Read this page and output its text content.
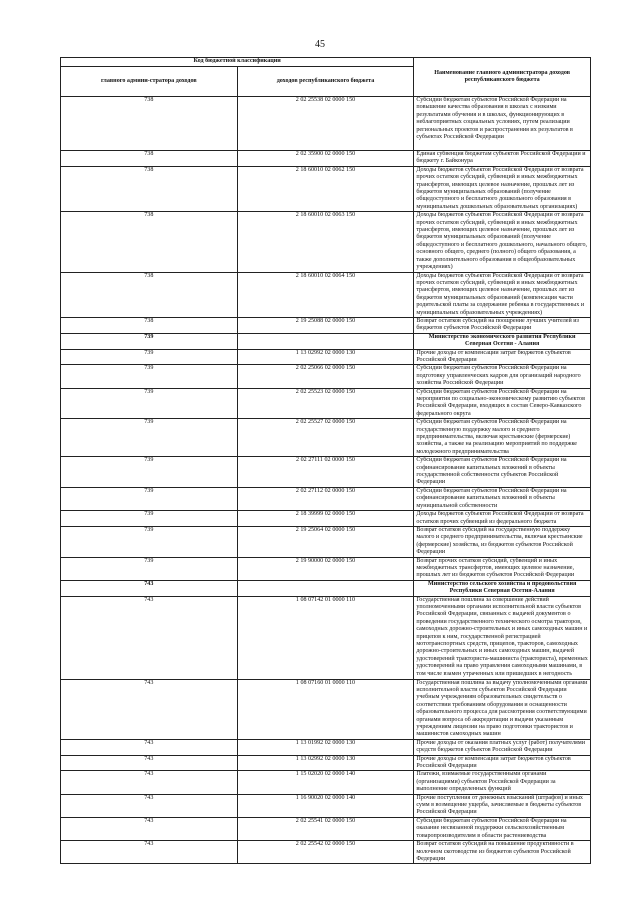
45
Код бюджетной классификации		Наименование главного администратора доходов республиканского бюджета
главного админи-стратора доходов	доходов республиканского бюджета	
738	2 02 25538 02 0000 150	Субсидии бюджетам субъектов Российской Федерации на повышение качества образования в школах с низкими результатами обучения и в школах, функционирующих в неблагоприятных социальных условиях, путем реализации региональных проектов и распространения их результатов в субъектах Российской Федерации
738	2 02 35900 02 0000 150	Единая субвенция бюджетам субъектов Российской Федерации и бюджету г. Байконура
738	2 18 60010 02 0062 150	Доходы бюджетов субъектов Российской Федерации от возврата прочих остатков субсидий, субвенций и иных межбюджетных трансфертов, имеющих целевое назначение, прошлых лет из бюджетов муниципальных образований (получение общедоступного и бесплатного дошкольного образования в муниципальных дошкольных образовательных организациях)
738	2 18 60010 02 0063 150	Доходы бюджетов субъектов Российской Федерации от возврата прочих остатков субсидий, субвенций и иных межбюджетных трансфертов, имеющих целевое назначение, прошлых лет из бюджетов муниципальных образований (получение общедоступного и бесплатного дошкольного, начального общего, основного общего, среднего (полного) общего образования, а также дополнительного образования в общеобразовательных учреждениях)
738	2 18 60010 02 0064 150	Доходы бюджетов субъектов Российской Федерации от возврата прочих остатков субсидий, субвенций и иных межбюджетных трансфертов, имеющих целевое назначение, прошлых лет из бюджетов муниципальных образований (компенсация части родительской платы за содержание ребенка в государственных и муниципальных образовательных учреждениях)
738	2 19 25088 02 0000 150	Возврат остатков субсидий на поощрение лучших учителей из бюджетов субъектов Российской Федерации
739		Министерство экономического развития Республики Северная Осетия - Алания
739	1 13 02992 02 0000 130	Прочие доходы от компенсации затрат бюджетов субъектов Российской Федерации
739	2 02 25066 02 0000 150	Субсидии бюджетам субъектов Российской Федерации на подготовку управленческих кадров для организаций народного хозяйства Российской Федерации
739	2 02 25523 02 0000 150	Субсидии бюджетам субъектов Российской Федерации на мероприятия по социально-экономическому развитию субъектов Российской Федерации, входящих в состав Северо-Кавказского федерального округа
739	2 02 25527 02 0000 150	Субсидии бюджетам субъектов Российской Федерации на государственную поддержку малого и среднего предпринимательства, включая крестьянские (фермерские) хозяйства, а также на реализацию мероприятий по поддержке молодежного предпринимательства
739	2 02 27111 02 0000 150	Субсидии бюджетам субъектов Российской Федерации на софинансирование капитальных вложений в объекты государственной собственности субъектов Российской Федерации
739	2 02 27112 02 0000 150	Субсидии бюджетам субъектов Российской Федерации на софинансирование капитальных вложений в объекты муниципальной собственности
739	2 18 39999 02 0000 150	Доходы бюджетов субъектов Российской Федерации от возврата остатков прочих субвенций из федерального бюджета
739	2 19 25064 02 0000 150	Возврат остатков субсидий на государственную поддержку малого и среднего предпринимательства, включая крестьянские (фермерские) хозяйства, из бюджетов субъектов Российской Федерации
739	2 19 90000 02 0000 150	Возврат прочих остатков субсидий, субвенций и иных межбюджетных трансфертов, имеющих целевое назначение, прошлых лет из бюджетов субъектов Российской Федерации
743		Министерство сельского хозяйства и продовольствия Республики Северная Осетия-Алания
743	1 08 07142 01 0000 110	Государственная пошлина за совершение действий уполномоченными органами исполнительной власти субъектов Российской Федерации, связанных с выдачей документов о проведении государственного технического осмотра тракторов, самоходных дорожно-строительных и иных самоходных машин и прицепов к ним, государственной регистрацией мототранспортных средств, прицепов, тракторов, самоходных дорожно-строительных и иных самоходных машин, выдачей удостоверений тракториста-машиниста (тракториста), временных удостоверений на право управления самоходными машинами, в том числе взамен утраченных или пришедших в негодность
743	1 08 07160 01 0000 110	Государственная пошлина за выдачу уполномоченными органами исполнительной власти субъектов Российской Федерации учебным учреждениям образовательных свидетельств о соответствии требованиям оборудования и оснащенности образовательного процесса для рассмотрения соответствующими органами вопроса об аккредитации и выдачи указанным учреждениям лицензии на право подготовки трактористов и машинистов самоходных машин
743	1 13 01992 02 0000 130	Прочие доходы от оказания платных услуг (работ) получателями средств бюджетов субъектов Российской Федерации
743	1 13 02992 02 0000 130	Прочие доходы от компенсации затрат бюджетов субъектов Российской Федерации
743	1 15 02020 02 0000 140	Платежи, взимаемые государственными органами (организациями) субъектов Российской Федерации за выполнение определенных функций
743	1 16 90020 02 0000 140	Прочие поступления от денежных взысканий (штрафов) и иных сумм в возмещение ущерба, зачисляемые в бюджеты субъектов Российской Федерации
743	2 02 25541 02 0000 150	Субсидии бюджетам субъектов Российской Федерации на оказание несвязанной поддержки сельскохозяйственным товаропроизводителям в области растениеводства
743	2 02 25542 02 0000 150	Возврат остатков субсидий на повышение продуктивности в молочном скотоводстве из бюджетов субъектов Российской Федерации
